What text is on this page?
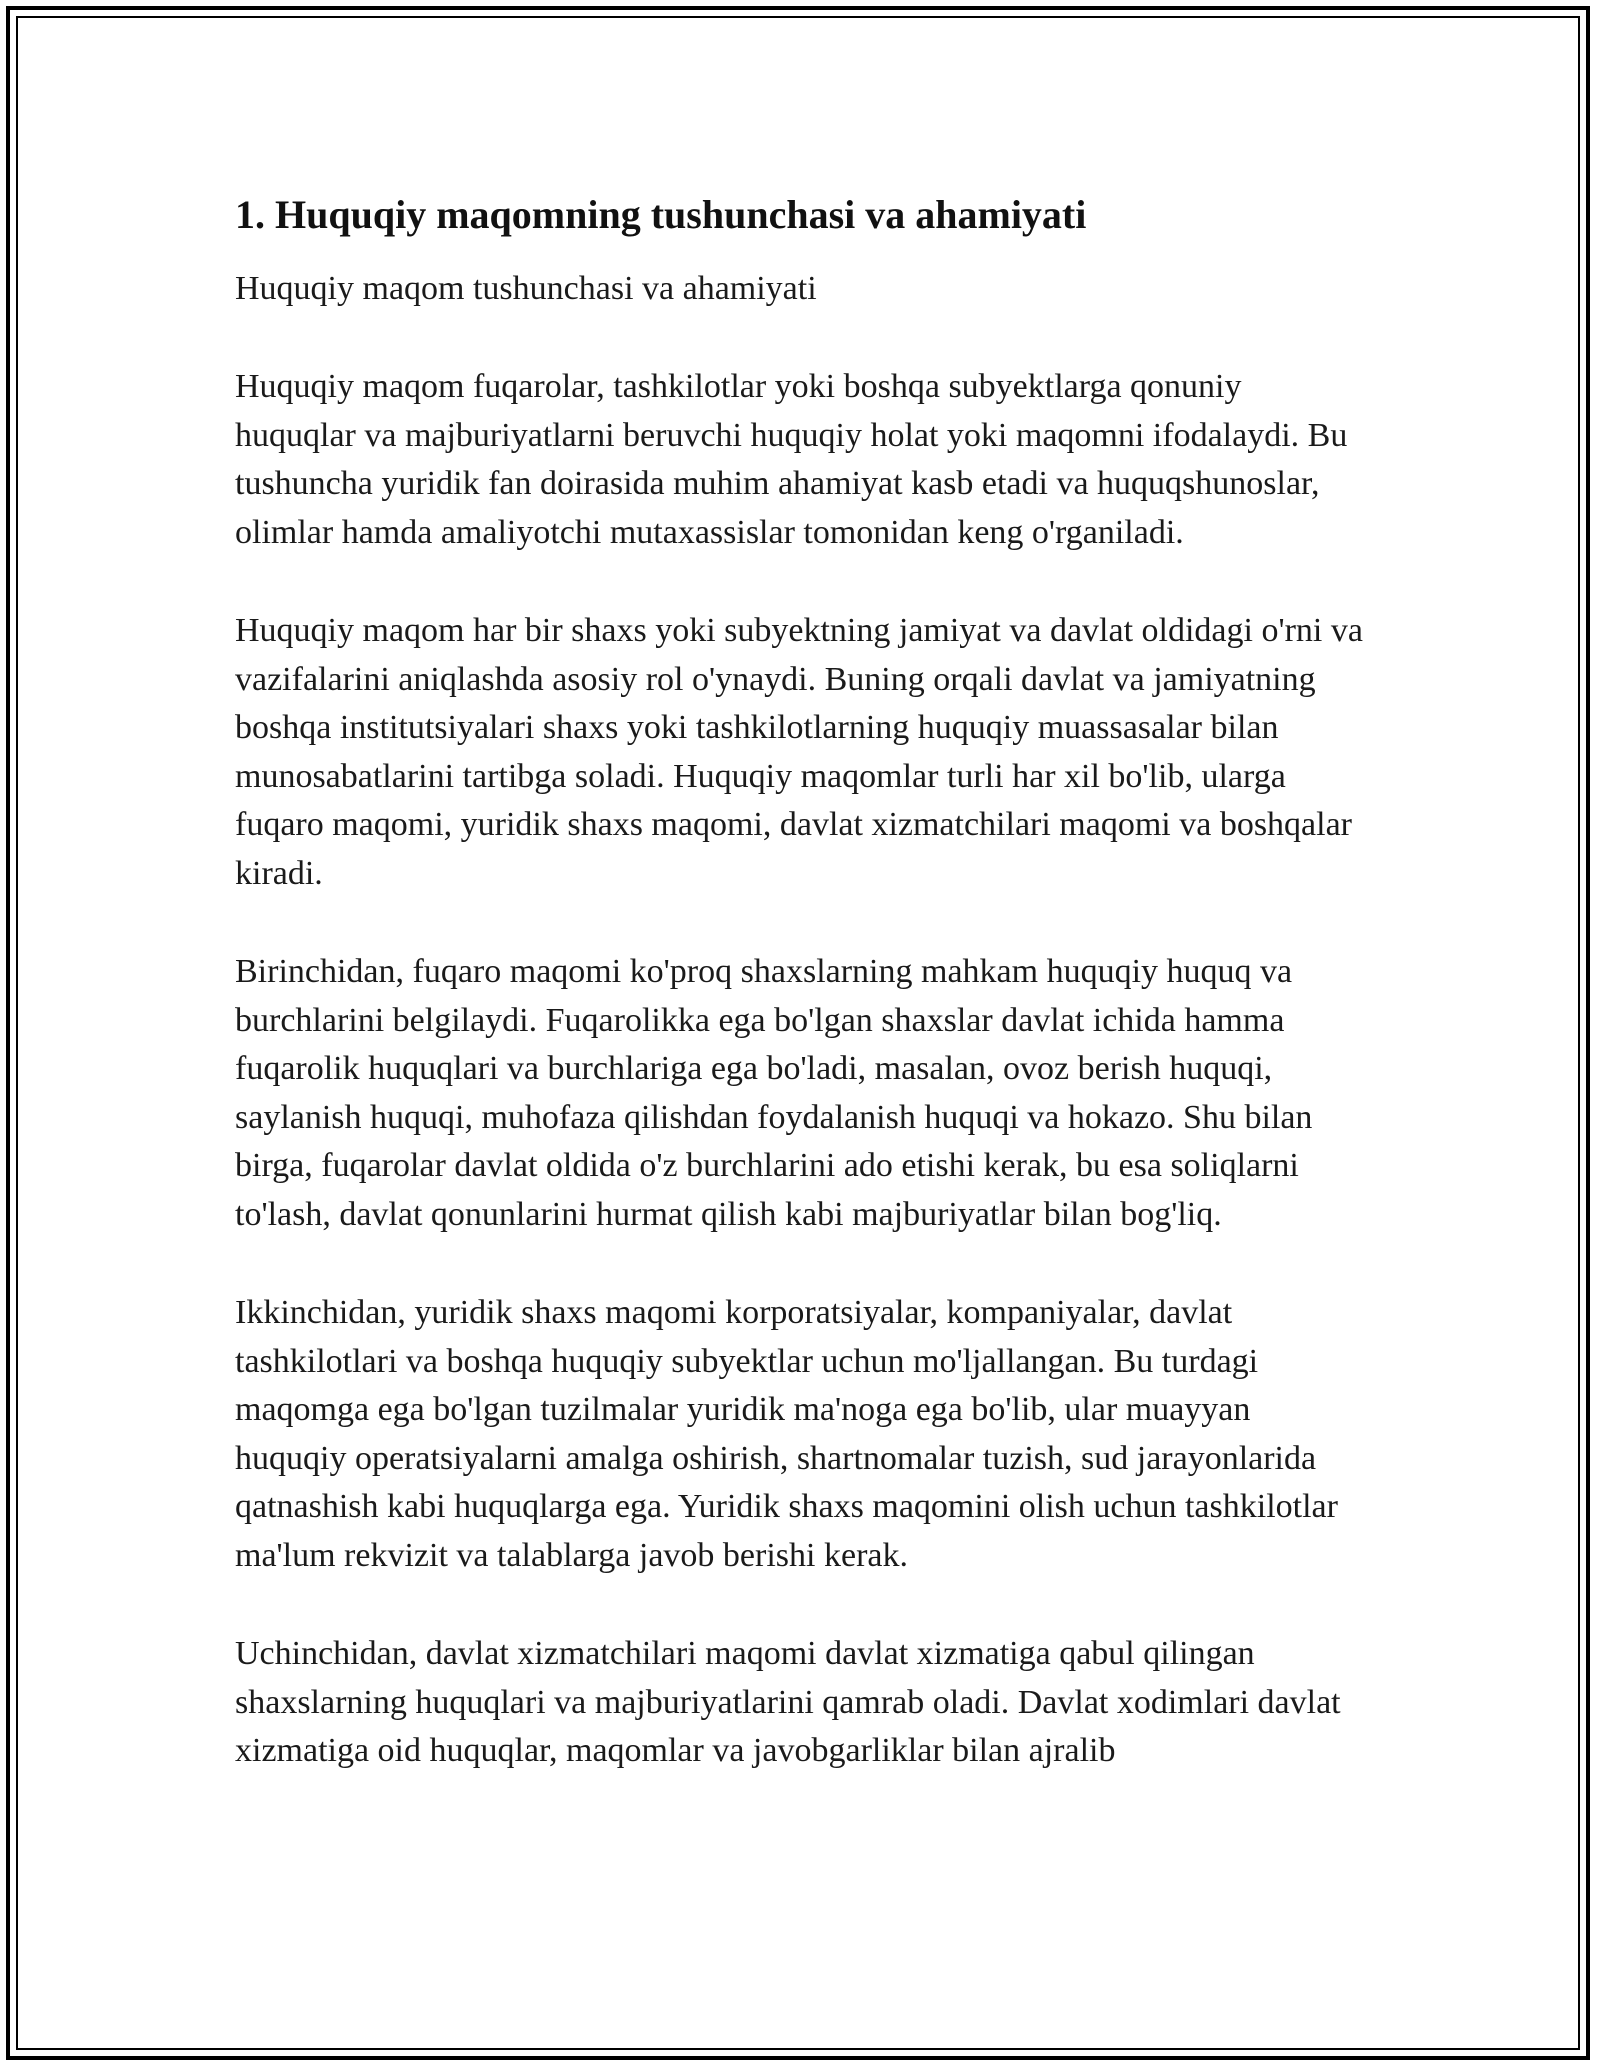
1. Huquqiy maqomning tushunchasi va ahamiyati

Huquqiy maqom tushunchasi va ahamiyati

Huquqiy maqom fuqarolar, tashkilotlar yoki boshqa subyektlarga qonuniy huquqlar va majburiyatlarni beruvchi huquqiy holat yoki maqomni ifodalaydi. Bu tushuncha yuridik fan doirasida muhim ahamiyat kasb etadi va huquqshunoslar, olimlar hamda amaliyotchi mutaxassislar tomonidan keng o'rganiladi.

Huquqiy maqom har bir shaxs yoki subyektning jamiyat va davlat oldidagi o'rni va vazifalarini aniqlashda asosiy rol o'ynaydi. Buning orqali davlat va jamiyatning boshqa institutsiyalari shaxs yoki tashkilotlarning huquqiy muassasalar bilan munosabatlarini tartibga soladi. Huquqiy maqomlar turli har xil bo'lib, ularga fuqaro maqomi, yuridik shaxs maqomi, davlat xizmatchilari maqomi va boshqalar kiradi.

Birinchidan, fuqaro maqomi ko'proq shaxslarning mahkam huquqiy huquq va burchlarini belgilaydi. Fuqarolikka ega bo'lgan shaxslar davlat ichida hamma fuqarolik huquqlari va burchlariga ega bo'ladi, masalan, ovoz berish huquqi, saylanish huquqi, muhofaza qilishdan foydalanish huquqi va hokazo. Shu bilan birga, fuqarolar davlat oldida o'z burchlarini ado etishi kerak, bu esa soliqlarni to'lash, davlat qonunlarini hurmat qilish kabi majburiyatlar bilan bog'liq.

Ikkinchidan, yuridik shaxs maqomi korporatsiyalar, kompaniyalar, davlat tashkilotlari va boshqa huquqiy subyektlar uchun mo'ljallangan. Bu turdagi maqomga ega bo'lgan tuzilmalar yuridik ma'noga ega bo'lib, ular muayyan huquqiy operatsiyalarni amalga oshirish, shartnomalar tuzish, sud jarayonlarida qatnashish kabi huquqlarga ega. Yuridik shaxs maqomini olish uchun tashkilotlar ma'lum rekvizit va talablarga javob berishi kerak.

Uchinchidan, davlat xizmatchilari maqomi davlat xizmatiga qabul qilingan shaxslarning huquqlari va majburiyatlarini qamrab oladi. Davlat xodimlari davlat xizmatiga oid huquqlar, maqomlar va javobgarliklar bilan ajralib
